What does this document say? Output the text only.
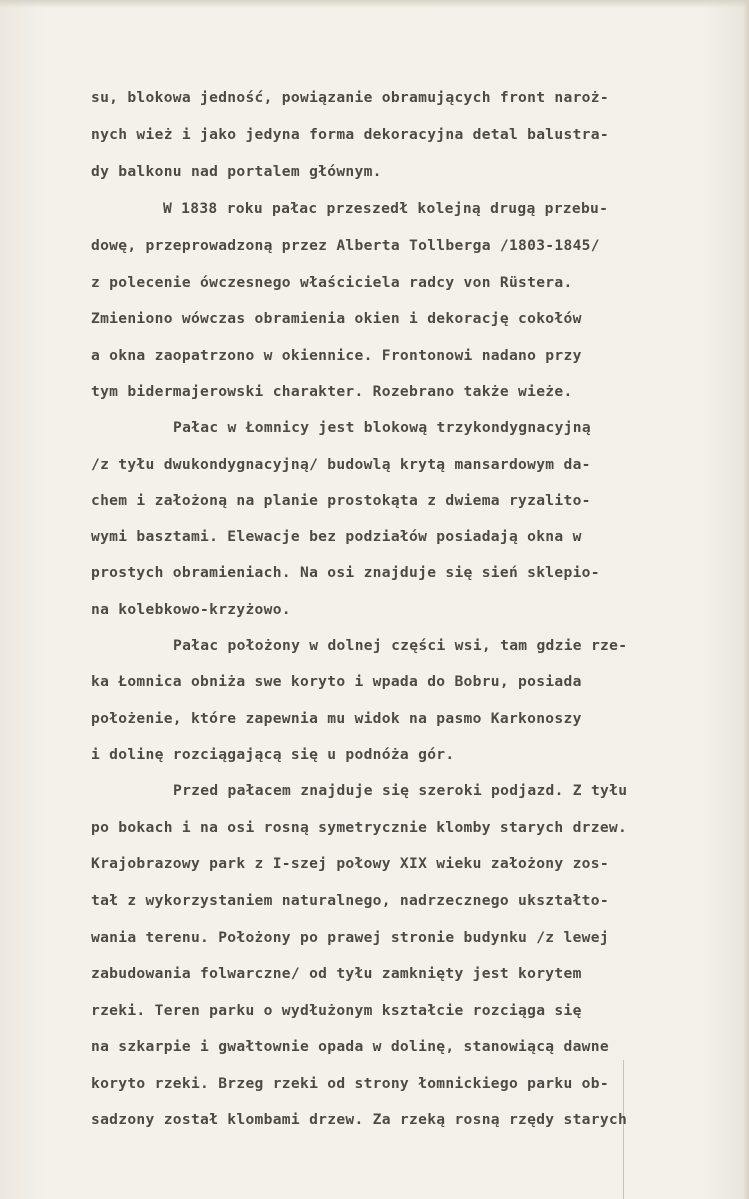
su, blokowa jedność, powiązanie obramujących front naroż-
nych wież i jako jedyna forma dekoracyjna detal balustra-
dy balkonu nad portalem głównym.
W 1838 roku pałac przeszedł kolejną drugą przebu-
dowę, przeprowadzoną przez Alberta Tollberga /1803-1845/
z polecenie ówczesnego właściciela radcy von Rüstera.
Zmieniono wówczas obramienia okien i dekorację cokołów
a okna zaopatrzono w okiennice. Frontonowi nadano przy
tym bidermajerowski charakter. Rozebrano także wieże.
Pałac w Łomnicy jest blokową trzykondygnacyjną
/z tyłu dwukondygnacyjną/ budowlą krytą mansardowym da-
chem i założoną na planie prostokąta z dwiema ryzalito-
wymi basztami. Elewacje bez podziałów posiadają okna w
prostych obramieniach. Na osi znajduje się sień sklepio-
na kolebkowo-krzyżowo.
Pałac położony w dolnej części wsi, tam gdzie rze-
ka Łomnica obniża swe koryto i wpada do Bobru, posiada
położenie, które zapewnia mu widok na pasmo Karkonoszy
i dolinę rozciągającą się u podnóża gór.
Przed pałacem znajduje się szeroki podjazd. Z tyłu
po bokach i na osi rosną symetrycznie klomby starych drzew.
Krajobrazowy park z I-szej połowy XIX wieku założony zos-
tał z wykorzystaniem naturalnego, nadrzecznego ukształto-
wania terenu. Położony po prawej stronie budynku /z lewej
zabudowania folwarczne/ od tyłu zamknięty jest korytem
rzeki. Teren parku o wydłużonym kształcie rozciąga się
na szkarpie i gwałtownie opada w dolinę, stanowiącą dawne
koryto rzeki. Brzeg rzeki od strony łomnickiego parku ob-
sadzony został klombami drzew. Za rzeką rosną rzędy starych
